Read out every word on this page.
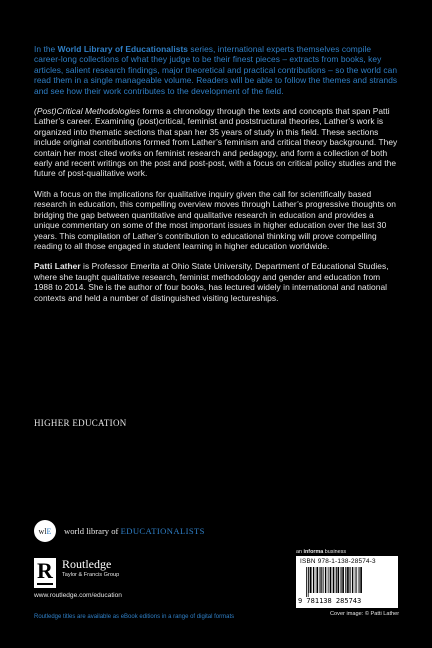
In the World Library of Educationalists series, international experts themselves compile career-long collections of what they judge to be their finest pieces – extracts from books, key articles, salient research findings, major theoretical and practical contributions – so the world can read them in a single manageable volume. Readers will be able to follow the themes and strands and see how their work contributes to the development of the field.

(Post)Critical Methodologies forms a chronology through the texts and concepts that span Patti Lather’s career. Examining (post)critical, feminist and poststructural theories, Lather’s work is organized into thematic sections that span her 35 years of study in this field. These sections include original contributions formed from Lather’s feminism and critical theory background. They contain her most cited works on feminist research and pedagogy, and form a collection of both early and recent writings on the post and post-post, with a focus on critical policy studies and the future of post-qualitative work.

With a focus on the implications for qualitative inquiry given the call for scientifically based research in education, this compelling overview moves through Lather’s progressive thoughts on bridging the gap between quantitative and qualitative research in education and provides a unique commentary on some of the most important issues in higher education over the last 30 years. This compilation of Lather’s contribution to educational thinking will prove compelling reading to all those engaged in student learning in higher education worldwide.

Patti Lather is Professor Emerita at Ohio State University, Department of Educational Studies, where she taught qualitative research, feminist methodology and gender and education from 1988 to 2014. She is the author of four books, has lectured widely in international and national contexts and held a number of distinguished visiting lectureships.

HIGHER EDUCATION
wl E world library of EDUCATIONALISTS
R Routledge
Taylor & Francis Group
www.routledge.com/education
Routledge titles are available as eBook editions in a range of digital formats
an informa business
ISBN 978-1-138-28574-3
9 781138 285743
Cover image: © Patti Lather
